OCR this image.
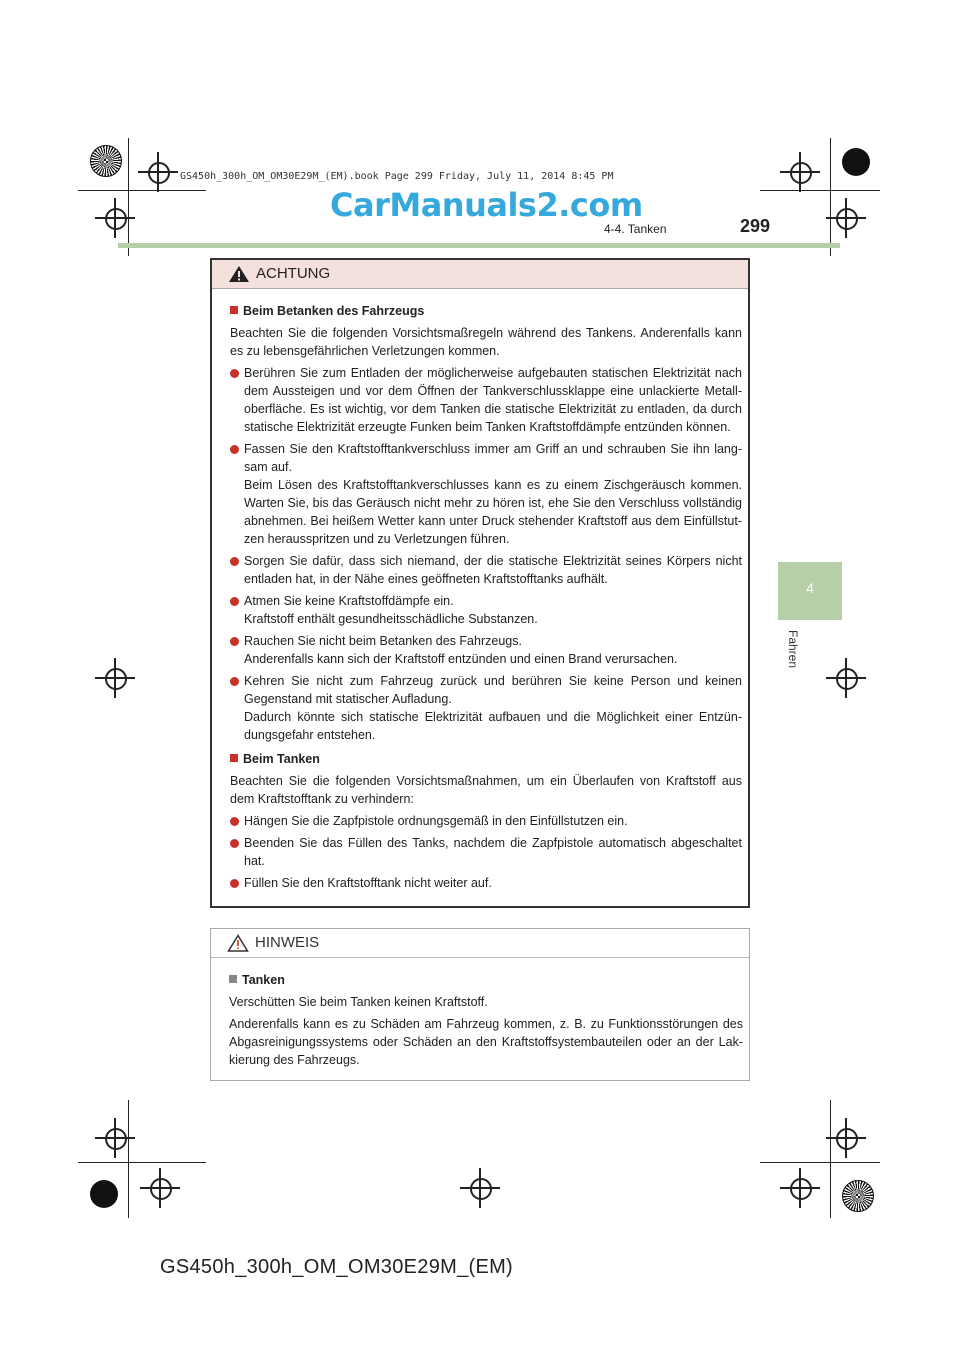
GS450h_300h_OM_OM30E29M_(EM).book Page 299 Friday, July 11, 2014 8:45 PM
CarManuals2.com
4-4. Tanken	299
4
Fahren
ACHTUNG
Beim Betanken des Fahrzeugs
Beachten Sie die folgenden Vorsichtsmaßregeln während des Tankens. Anderenfalls kann es zu lebensgefährlichen Verletzungen kommen.
Berühren Sie zum Entladen der möglicherweise aufgebauten statischen Elektrizität nach dem Aussteigen und vor dem Öffnen der Tankverschlussklappe eine unlackierte Metall-oberfläche. Es ist wichtig, vor dem Tanken die statische Elektrizität zu entladen, da durch statische Elektrizität erzeugte Funken beim Tanken Kraftstoffdämpfe entzünden können.
Fassen Sie den Kraftstofftankverschluss immer am Griff an und schrauben Sie ihn lang-sam auf.
Beim Lösen des Kraftstofftankverschlusses kann es zu einem Zischgeräusch kommen. Warten Sie, bis das Geräusch nicht mehr zu hören ist, ehe Sie den Verschluss vollständig abnehmen. Bei heißem Wetter kann unter Druck stehender Kraftstoff aus dem Einfüllstut-zen herausspritzen und zu Verletzungen führen.
Sorgen Sie dafür, dass sich niemand, der die statische Elektrizität seines Körpers nicht entladen hat, in der Nähe eines geöffneten Kraftstofftanks aufhält.
Atmen Sie keine Kraftstoffdämpfe ein.
Kraftstoff enthält gesundheitsschädliche Substanzen.
Rauchen Sie nicht beim Betanken des Fahrzeugs.
Anderenfalls kann sich der Kraftstoff entzünden und einen Brand verursachen.
Kehren Sie nicht zum Fahrzeug zurück und berühren Sie keine Person und keinen Gegenstand mit statischer Aufladung.
Dadurch könnte sich statische Elektrizität aufbauen und die Möglichkeit einer Entzün-dungsgefahr entstehen.
Beim Tanken
Beachten Sie die folgenden Vorsichtsmaßnahmen, um ein Überlaufen von Kraftstoff aus dem Kraftstofftank zu verhindern:
Hängen Sie die Zapfpistole ordnungsgemäß in den Einfüllstutzen ein.
Beenden Sie das Füllen des Tanks, nachdem die Zapfpistole automatisch abgeschaltet hat.
Füllen Sie den Kraftstofftank nicht weiter auf.
HINWEIS
Tanken
Verschütten Sie beim Tanken keinen Kraftstoff.
Anderenfalls kann es zu Schäden am Fahrzeug kommen, z. B. zu Funktionsstörungen des Abgasreinigungssystems oder Schäden an den Kraftstoffsystembauteilen oder an der Lak-kierung des Fahrzeugs.
GS450h_300h_OM_OM30E29M_(EM)
